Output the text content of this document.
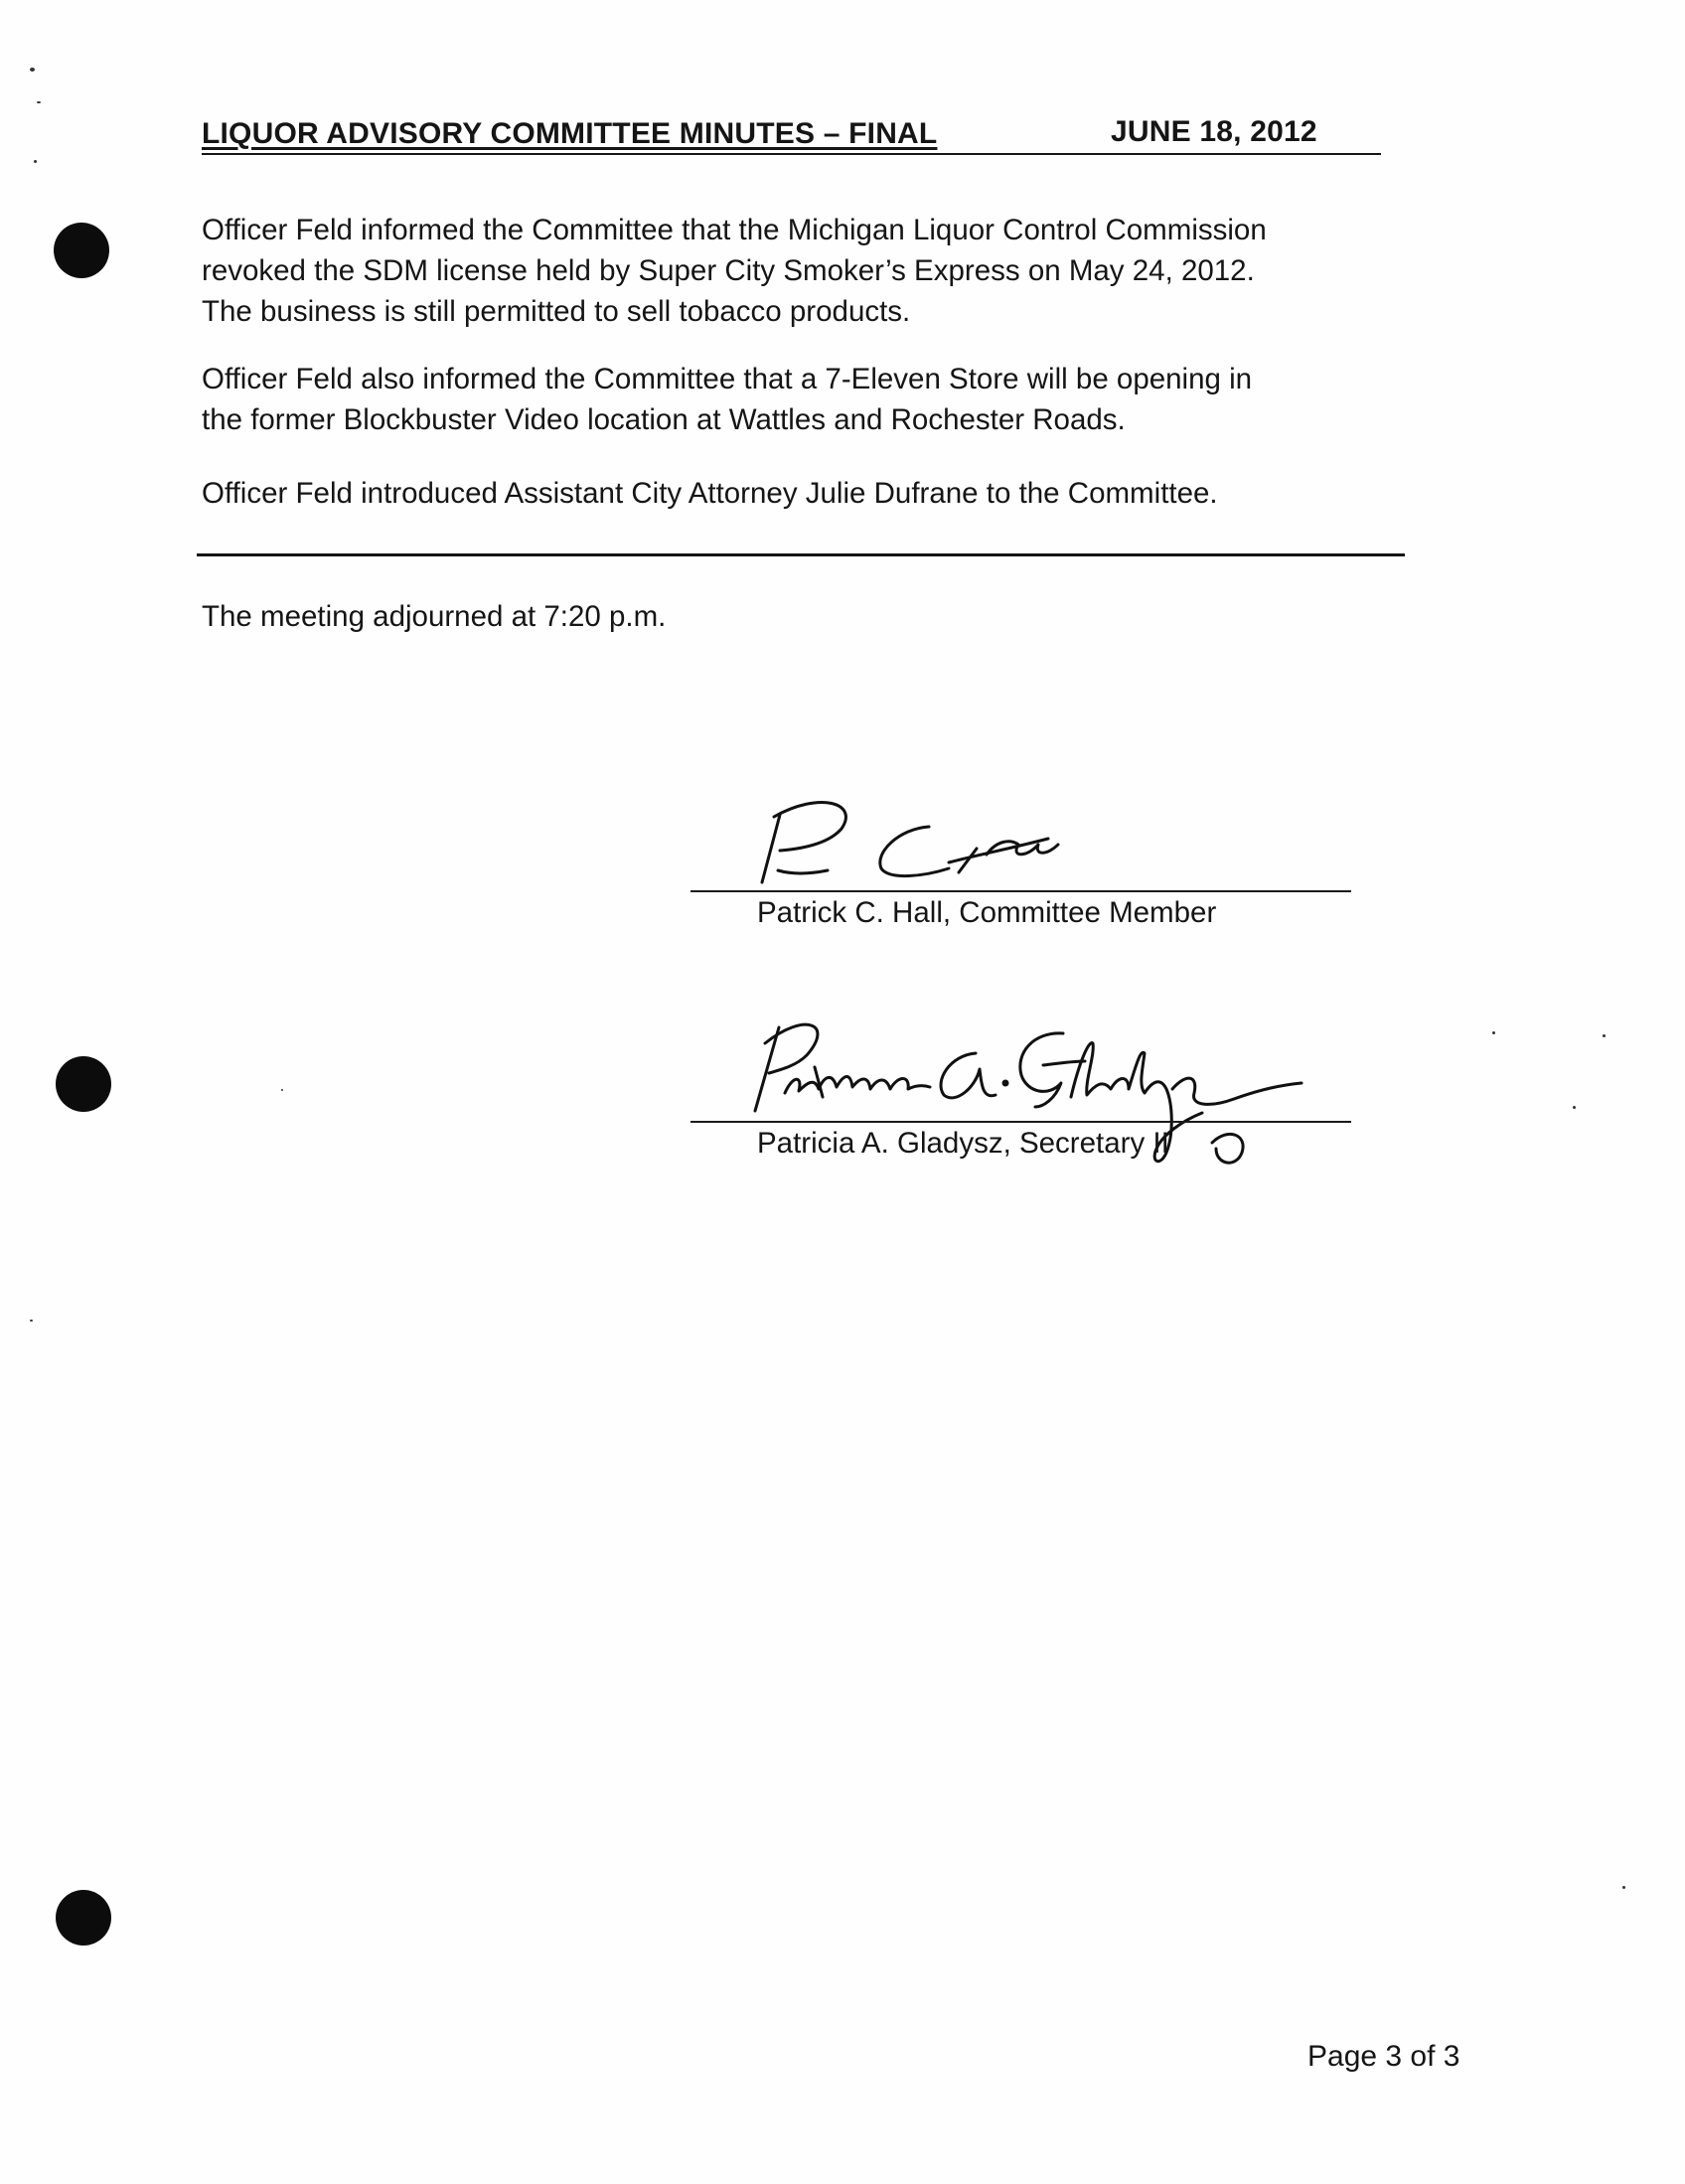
LIQUOR ADVISORY COMMITTEE MINUTES – FINAL	JUNE 18, 2012

Officer Feld informed the Committee that the Michigan Liquor Control Commission
revoked the SDM license held by Super City Smoker’s Express on May 24, 2012.
The business is still permitted to sell tobacco products.

Officer Feld also informed the Committee that a 7-Eleven Store will be opening in
the former Blockbuster Video location at Wattles and Rochester Roads.

Officer Feld introduced Assistant City Attorney Julie Dufrane to the Committee.

The meeting adjourned at 7:20 p.m.

Patrick C. Hall, Committee Member
Patricia A. Gladysz, Secretary II
Page 3 of 3
